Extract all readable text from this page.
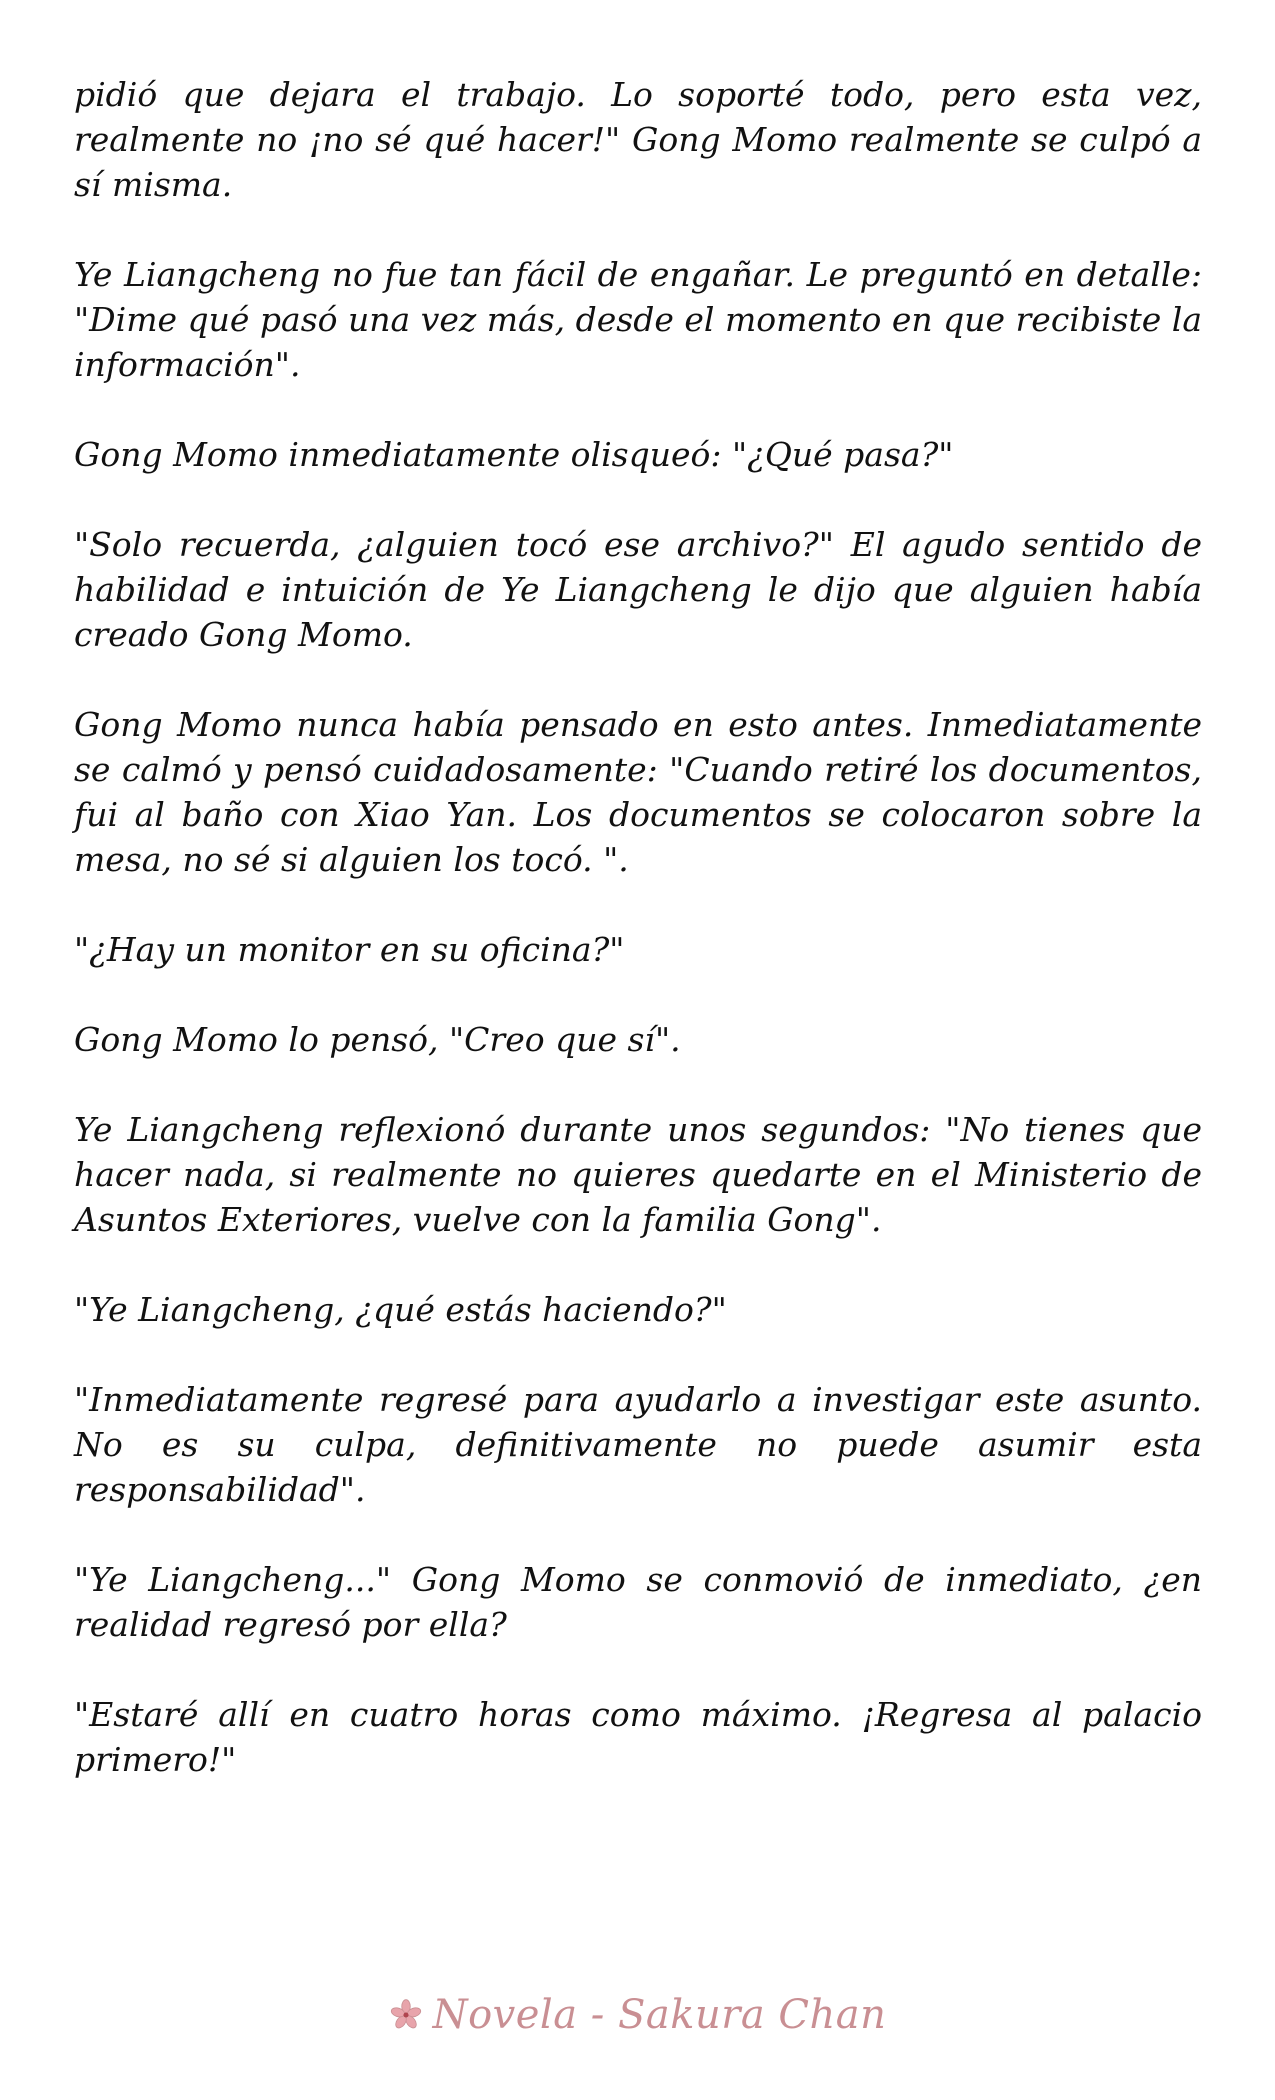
pidió que dejara el trabajo. Lo soporté todo, pero esta vez, realmente no ¡no sé qué hacer!" Gong Momo realmente se culpó a sí misma.

Ye Liangcheng no fue tan fácil de engañar. Le preguntó en detalle: "Dime qué pasó una vez más, desde el momento en que recibiste la información".

Gong Momo inmediatamente olisqueó: "¿Qué pasa?"

"Solo recuerda, ¿alguien tocó ese archivo?" El agudo sentido de habilidad e intuición de Ye Liangcheng le dijo que alguien había creado Gong Momo.

Gong Momo nunca había pensado en esto antes. Inmediatamente se calmó y pensó cuidadosamente: "Cuando retiré los documentos, fui al baño con Xiao Yan. Los documentos se colocaron sobre la mesa, no sé si alguien los tocó. ".

"¿Hay un monitor en su oficina?"

Gong Momo lo pensó, "Creo que sí".

Ye Liangcheng reflexionó durante unos segundos: "No tienes que hacer nada, si realmente no quieres quedarte en el Ministerio de Asuntos Exteriores, vuelve con la familia Gong".

"Ye Liangcheng, ¿qué estás haciendo?"

"Inmediatamente regresé para ayudarlo a investigar este asunto. No es su culpa, definitivamente no puede asumir esta responsabilidad".

"Ye Liangcheng..." Gong Momo se conmovió de inmediato, ¿en realidad regresó por ella?

"Estaré allí en cuatro horas como máximo. ¡Regresa al palacio primero!"

Novela - Sakura Chan
